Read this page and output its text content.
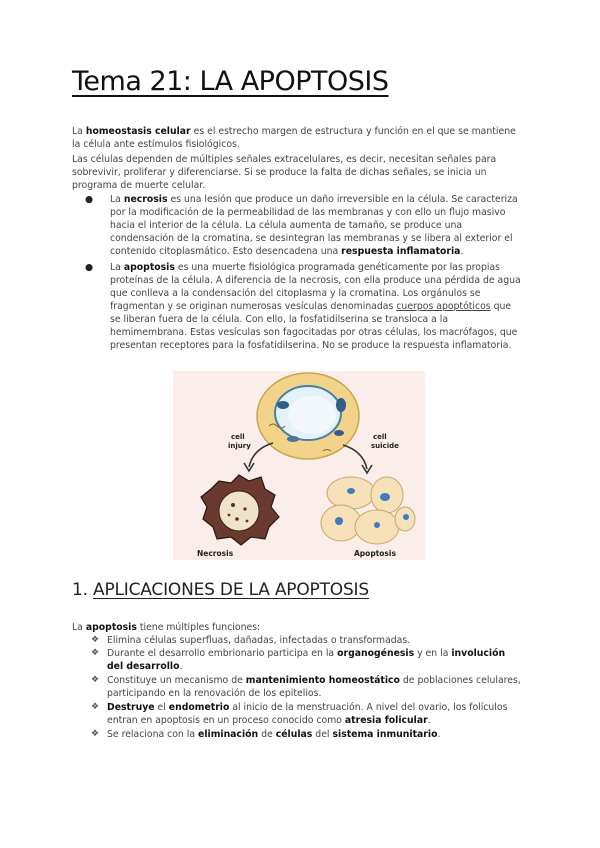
Tema 21: LA APOPTOSIS
La homeostasis celular es el estrecho margen de estructura y función en el que se mantiene la célula ante estímulos fisiológicos.
Las células dependen de múltiples señales extracelulares, es decir, necesitan señales para sobrevivir, proliferar y diferenciarse. Si se produce la falta de dichas señales, se inicia un programa de muerte celular.
●	La necrosis es una lesión que produce un daño irreversible en la célula. Se caracteriza por la modificación de la permeabilidad de las membranas y con ello un flujo masivo hacia el interior de la célula. La célula aumenta de tamaño, se produce una condensación de la cromatina, se desintegran las membranas y se libera al exterior el contenido citoplasmático. Esto desencadena una respuesta inflamatoria.
●	La apoptosis es una muerte fisiológica programada genéticamente por las propias proteínas de la célula. A diferencia de la necrosis, con ella produce una pérdida de agua que conlleva a la condensación del citoplasma y la cromatina. Los orgánulos se fragmentan y se originan numerosas vesículas denominadas cuerpos apoptóticos que se liberan fuera de la célula. Con ello, la fosfatidilserina se transloca a la hemimembrana. Estas vesículas son fagocitadas por otras células, los macrófagos, que presentan receptores para la fosfatidilserina. No se produce la respuesta inflamatoria.
cell
injury
cell
suicide
Necrosis	Apoptosis
1. APLICACIONES DE LA APOPTOSIS
La apoptosis tiene múltiples funciones:
❖ Elimina células superfluas, dañadas, infectadas o transformadas.
❖ Durante el desarrollo embrionario participa en la organogénesis y en la involución del desarrollo.
❖ Constituye un mecanismo de mantenimiento homeostático de poblaciones celulares, participando en la renovación de los epitelios.
❖ Destruye el endometrio al inicio de la menstruación. A nivel del ovario, los folículos entran en apoptosis en un proceso conocido como atresia folicular.
❖ Se relaciona con la eliminación de células del sistema inmunitario.
